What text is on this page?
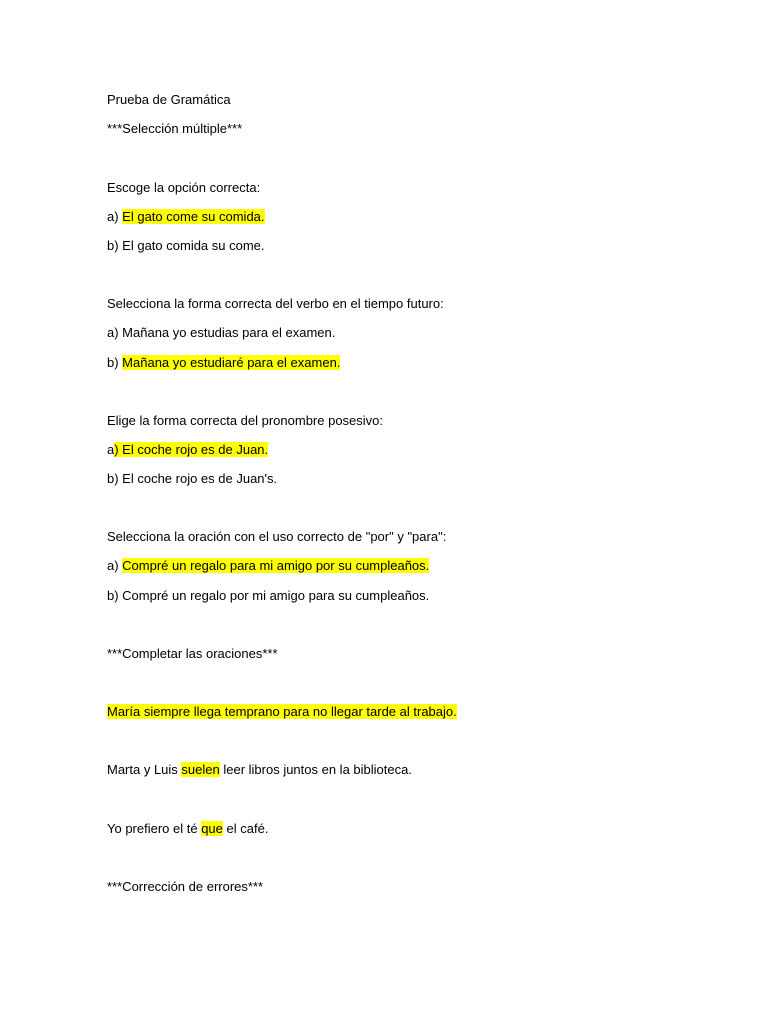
Prueba de Gramática
***Selección múltiple***
Escoge la opción correcta:
a) El gato come su comida.
b) El gato comida su come.
Selecciona la forma correcta del verbo en el tiempo futuro:
a) Mañana yo estudias para el examen.
b) Mañana yo estudiaré para el examen.
Elige la forma correcta del pronombre posesivo:
a) El coche rojo es de Juan.
b) El coche rojo es de Juan's.
Selecciona la oración con el uso correcto de "por" y "para":
a) Compré un regalo para mi amigo por su cumpleaños.
b) Compré un regalo por mi amigo para su cumpleaños.
***Completar las oraciones***
María siempre llega temprano para no llegar tarde al trabajo.
Marta y Luis suelen leer libros juntos en la biblioteca.
Yo prefiero el té que el café.
***Corrección de errores***
